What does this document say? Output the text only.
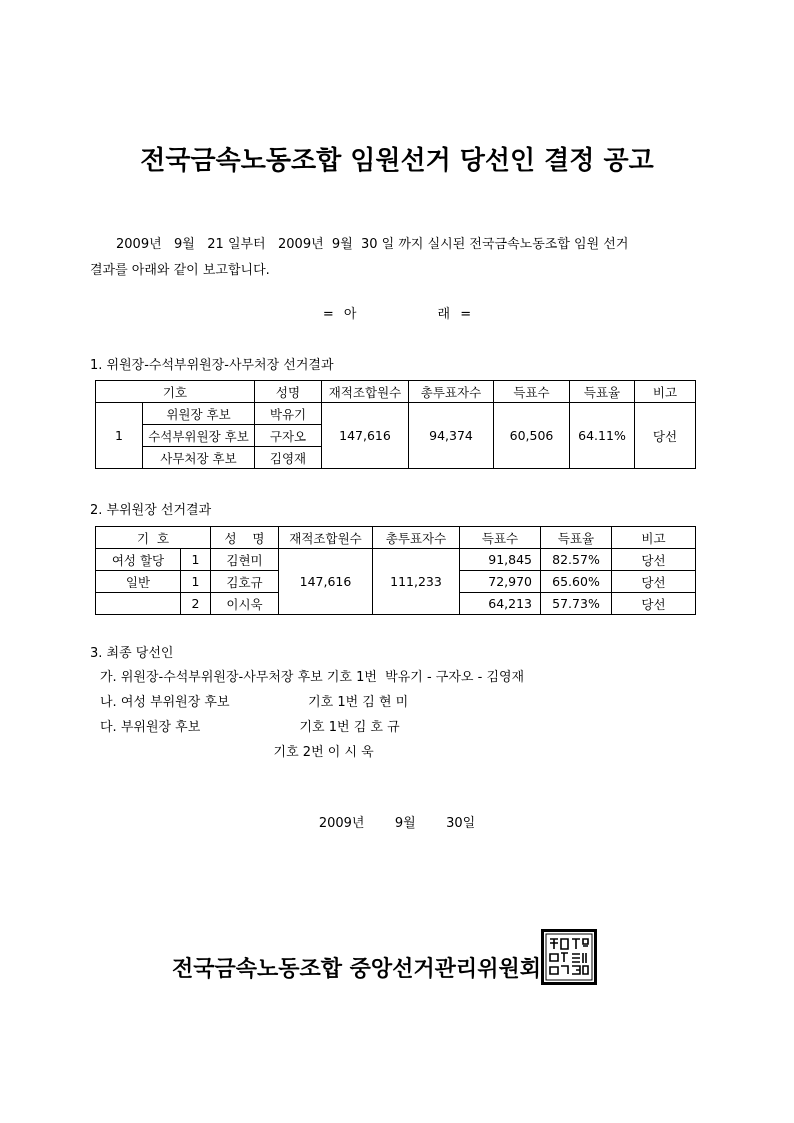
전국금속노동조합 임원선거 당선인 결정 공고
2009년   9월   21 일부터   2009년  9월  30 일 까지 실시된 전국금속노동조합 임원 선거
결과를 아래와 같이 보고합니다.
= 아        래 =
1. 위원장-수석부위원장-사무처장 선거결과
기호		성명	재적조합원수	총투표자수	득표수	득표율	비고
1	위원장 후보	박유기	147,616	94,374	60,506	64.11%	당선
	수석부위원장 후보	구자오					
	사무처장 후보	김영재					
2. 부위원장 선거결과
기  호		성    명	재적조합원수	총투표자수	득표수	득표율	비고
여성 할당	1	김현미	147,616	111,233	91,845	82.57%	당선
일반	1	김호규			72,970	65.60%	당선
	2	이시욱			64,213	57.73%	당선
3. 최종 당선인
가. 위원장-수석부위원장-사무처장 후보 기호 1번  박유기 - 구자오 - 김영재
나. 여성 부위원장 후보                   기호 1번 김 현 미
다. 부위원장 후보                        기호 1번 김 호 규
기호 2번 이 시 욱
2009년   9월   30일
전국금속노동조합 중앙선거관리위원회
